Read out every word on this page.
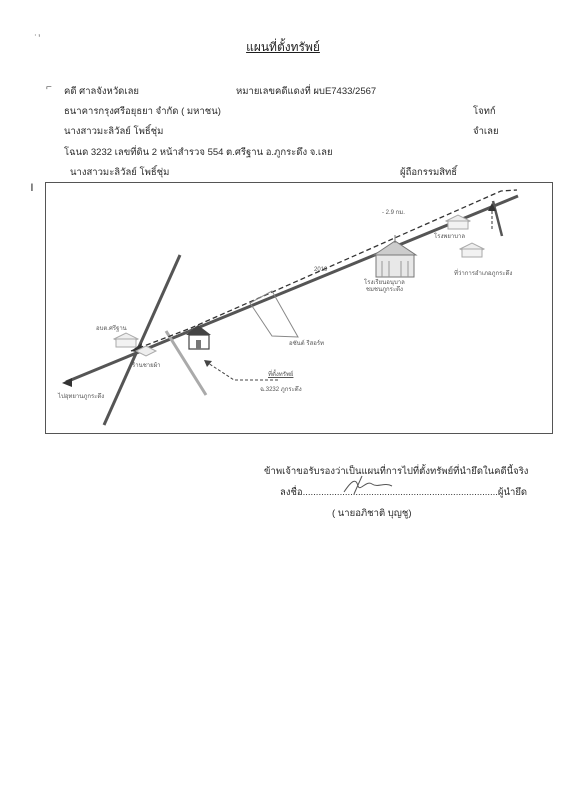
แผนที่ตั้งทรัพย์
˙ʼ
⌐
ı
คดี ศาลจังหวัดเลย	หมายเลขคดีแดงที่ ผบE7433/2567
ธนาคารกรุงศรีอยุธยา จำกัด ( มหาชน)	โจทก์
นางสาวมะลิวัลย์ โพธิ์ชุ่ม	จำเลย
โฉนด 3232 เลขที่ดิน 2 หน้าสำรวจ 554 ต.ศรีฐาน อ.ภูกระดึง จ.เลย
นางสาวมะลิวัลย์ โพธิ์ชุ่ม	ผู้ถือกรรมสิทธิ์
- 2.9 กม.
2019
โรงพยาบาล
ที่ว่าการอำเภอภูกระดึง
โรงเรียนอนุบาล
ชมชนภูกระดึง
อซันต์ รีสอร์ท
อบต.ศรีฐาน
ร้านชายผ้า
ที่ตั้งทรัพย์
ฉ.3232 ภูกระดึง
ไปอุทยานภูกระดึง
ข้าพเจ้าขอรับรองว่าเป็นแผนที่การไปที่ตั้งทรัพย์ที่นำยึดในคดีนี้จริง
ลงชื่อ..........................................................................ผู้นำยึด
( นายอภิชาติ บุญชู)
